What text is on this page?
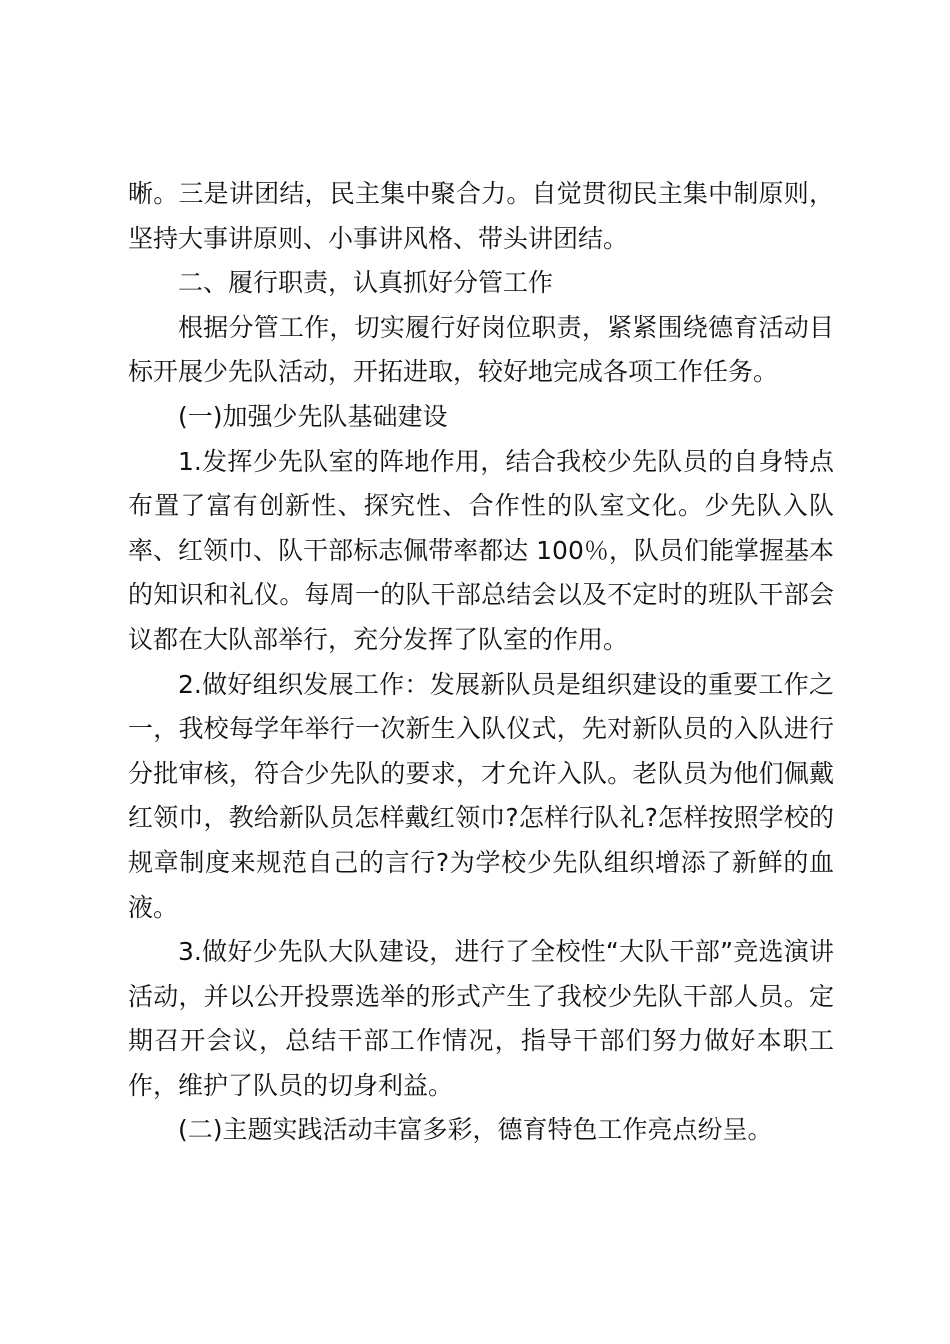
晰。三是讲团结，民主集中聚合力。自觉贯彻民主集中制原则，坚持大事讲原则、小事讲风格、带头讲团结。

二、履行职责，认真抓好分管工作

根据分管工作，切实履行好岗位职责，紧紧围绕德育活动目标开展少先队活动，开拓进取，较好地完成各项工作任务。

(一)加强少先队基础建设

1.发挥少先队室的阵地作用，结合我校少先队员的自身特点布置了富有创新性、探究性、合作性的队室文化。少先队入队率、红领巾、队干部标志佩带率都达 100％，队员们能掌握基本的知识和礼仪。每周一的队干部总结会以及不定时的班队干部会议都在大队部举行，充分发挥了队室的作用。

2.做好组织发展工作：发展新队员是组织建设的重要工作之一，我校每学年举行一次新生入队仪式，先对新队员的入队进行分批审核，符合少先队的要求，才允许入队。老队员为他们佩戴红领巾，教给新队员怎样戴红领巾?怎样行队礼?怎样按照学校的规章制度来规范自己的言行?为学校少先队组织增添了新鲜的血液。

3.做好少先队大队建设，进行了全校性“大队干部”竞选演讲活动，并以公开投票选举的形式产生了我校少先队干部人员。定期召开会议，总结干部工作情况，指导干部们努力做好本职工作，维护了队员的切身利益。

(二)主题实践活动丰富多彩，德育特色工作亮点纷呈。
